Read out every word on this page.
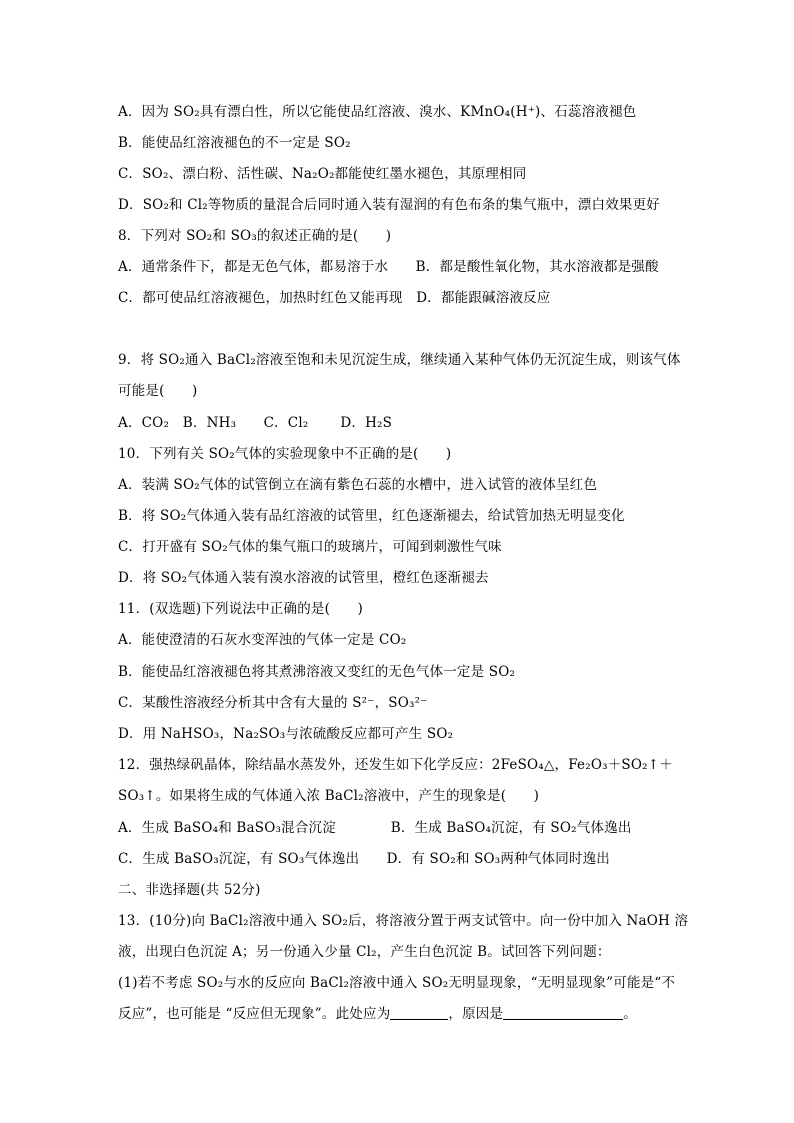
A．因为 SO₂具有漂白性，所以它能使品红溶液、溴水、KMnO₄(H⁺)、石蕊溶液褪色
B．能使品红溶液褪色的不一定是 SO₂
C．SO₂、漂白粉、活性碳、Na₂O₂都能使红墨水褪色，其原理相同
D．SO₂和 Cl₂等物质的量混合后同时通入装有湿润的有色布条的集气瓶中，漂白效果更好
8．下列对 SO₂和 SO₃的叙述正确的是(　　)
A．通常条件下，都是无色气体，都易溶于水　　B．都是酸性氧化物，其水溶液都是强酸
C．都可使品红溶液褪色，加热时红色又能再现　D．都能跟碱溶液反应
9．将 SO₂通入 BaCl₂溶液至饱和未见沉淀生成，继续通入某种气体仍无沉淀生成，则该气体
可能是(　　)
A．CO₂　B．NH₃　　C．Cl₂　　 D．H₂S
10．下列有关 SO₂气体的实验现象中不正确的是(　　)
A．装满 SO₂气体的试管倒立在滴有紫色石蕊的水槽中，进入试管的液体呈红色
B．将 SO₂气体通入装有品红溶液的试管里，红色逐渐褪去，给试管加热无明显变化
C．打开盛有 SO₂气体的集气瓶口的玻璃片，可闻到刺激性气味
D．将 SO₂气体通入装有溴水溶液的试管里，橙红色逐渐褪去
11．(双选题)下列说法中正确的是(　　)
A．能使澄清的石灰水变浑浊的气体一定是 CO₂
B．能使品红溶液褪色将其煮沸溶液又变红的无色气体一定是 SO₂
C．某酸性溶液经分析其中含有大量的 S²⁻，SO₃²⁻
D．用 NaHSO₃，Na₂SO₃与浓硫酸反应都可产生 SO₂
12．强热绿矾晶体，除结晶水蒸发外，还发生如下化学反应：2FeSO₄△，Fe₂O₃＋SO₂↑＋
SO₃↑。如果将生成的气体通入浓 BaCl₂溶液中，产生的现象是(　　)
A．生成 BaSO₄和 BaSO₃混合沉淀　　　　B．生成 BaSO₄沉淀，有 SO₂气体逸出
C．生成 BaSO₃沉淀，有 SO₃气体逸出　　D．有 SO₂和 SO₃两种气体同时逸出
二、非选择题(共 52分)
13．(10分)向 BaCl₂溶液中通入 SO₂后，将溶液分置于两支试管中。向一份中加入 NaOH 溶
液，出现白色沉淀 A；另一份通入少量 Cl₂，产生白色沉淀 B。试回答下列问题：
(1)若不考虑 SO₂与水的反应向 BaCl₂溶液中通入 SO₂无明显现象，“无明显现象”可能是“不
反应”，也可能是 “反应但无现象”。此处应为	，原因是	。
